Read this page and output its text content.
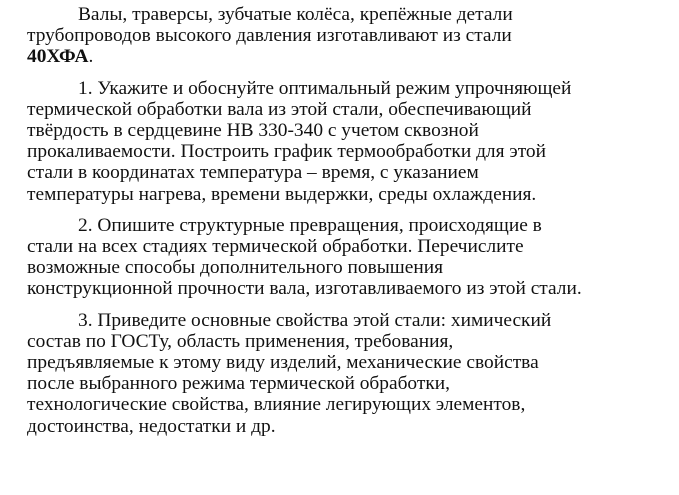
Валы, траверсы, зубчатые колёса, крепёжные детали
трубопроводов высокого давления изготавливают из стали
40ХФА.

1. Укажите и обоснуйте оптимальный режим упрочняющей
термической обработки вала из этой стали, обеспечивающий
твёрдость в сердцевине НВ 330-340 с учетом сквозной
прокаливаемости. Построить график термообработки для этой
стали в координатах температура – время, с указанием
температуры нагрева, времени выдержки, среды охлаждения.

2. Опишите структурные превращения, происходящие в
стали на всех стадиях термической обработки. Перечислите
возможные способы дополнительного повышения
конструкционной прочности вала, изготавливаемого из этой стали.

3. Приведите основные свойства этой стали: химический
состав по ГОСТу, область применения, требования,
предъявляемые к этому виду изделий, механические свойства
после выбранного режима термической обработки,
технологические свойства, влияние легирующих элементов,
достоинства, недостатки и др.
